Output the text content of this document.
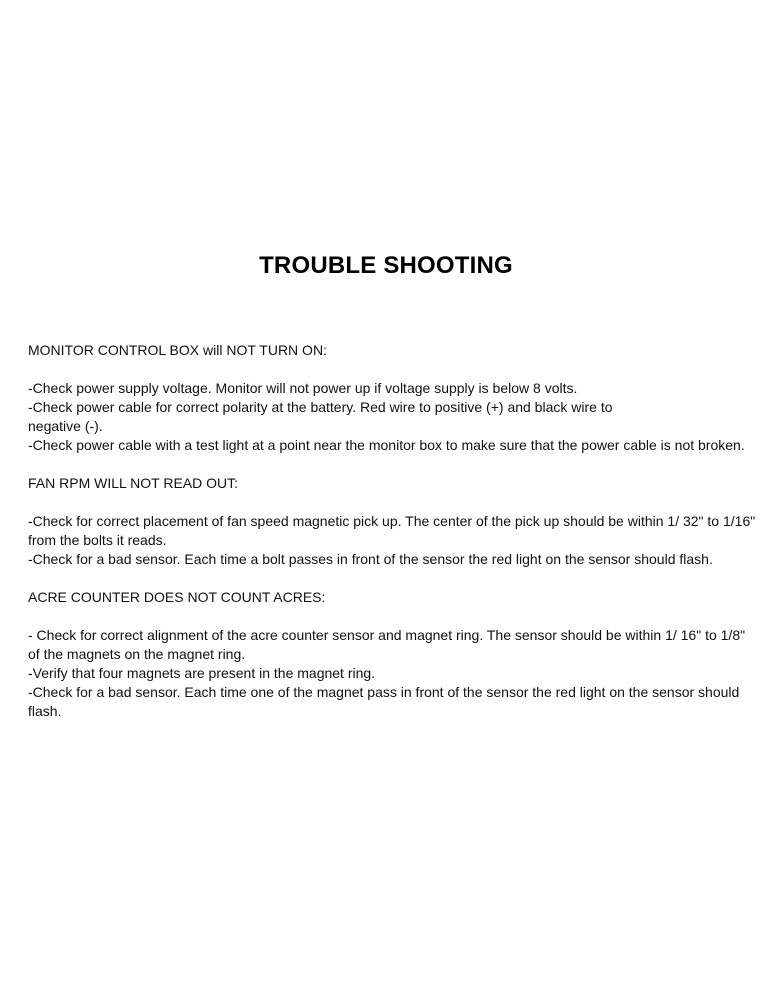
TROUBLE SHOOTING

MONITOR CONTROL BOX will NOT TURN ON:

-Check power supply voltage. Monitor will not power up if voltage supply is below 8 volts.

-Check power cable for correct polarity at the battery. Red wire to positive (+) and black wire to

negative (-).

-Check power cable with a test light at a point near the monitor box to make sure that the power cable is not broken.

FAN RPM WILL NOT READ OUT:

-Check for correct placement of fan speed magnetic pick up. The center of the pick up should be within 1/ 32" to 1/16" from the bolts it reads.

-Check for a bad sensor. Each time a bolt passes in front of the sensor the red light on the sensor should flash.

ACRE COUNTER DOES NOT COUNT ACRES:

- Check for correct alignment of the acre counter sensor and magnet ring. The sensor should be within 1/ 16" to 1/8" of the magnets on the magnet ring.

-Verify that four magnets are present in the magnet ring.

-Check for a bad sensor. Each time one of the magnet pass in front of the sensor the red light on the sensor should flash.
